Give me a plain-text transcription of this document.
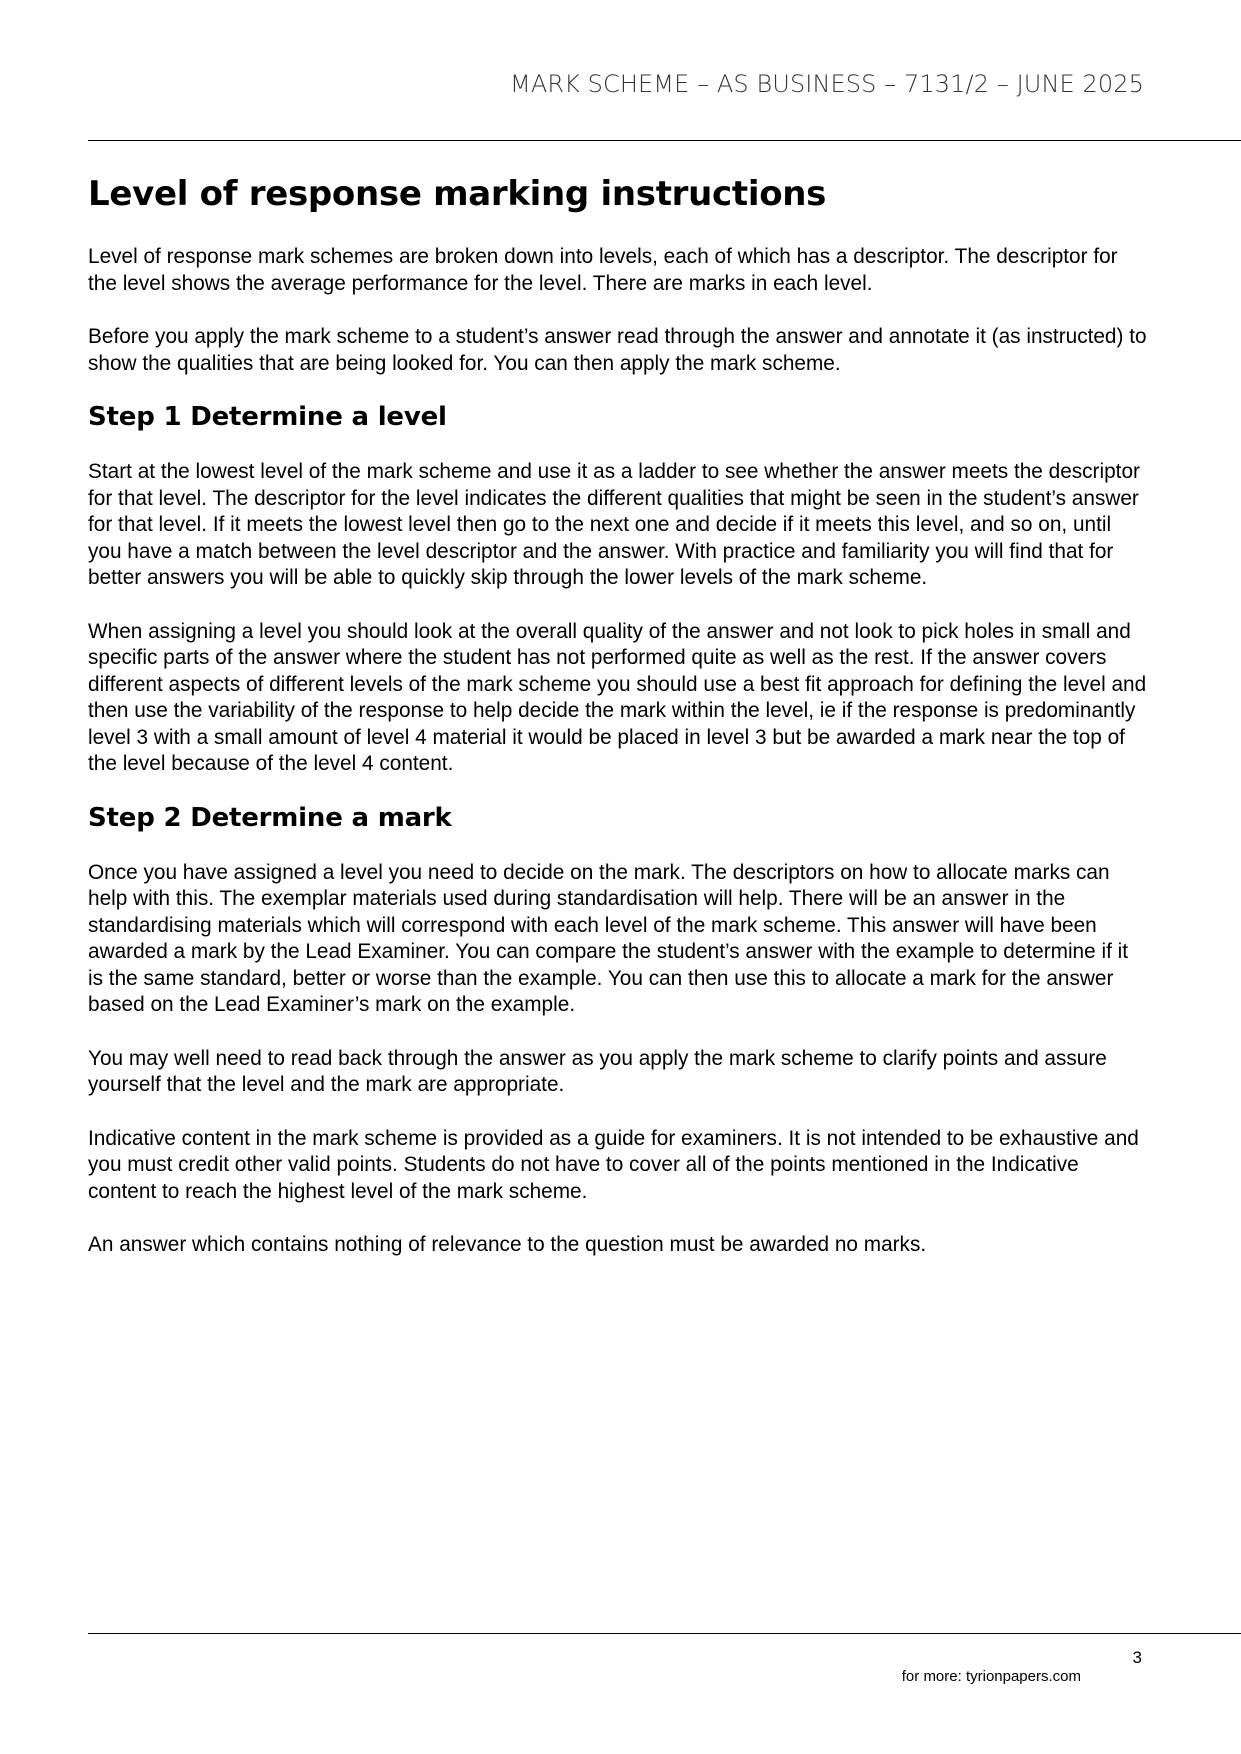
MARK SCHEME – AS BUSINESS – 7131/2 – JUNE 2025
Level of response marking instructions

Level of response mark schemes are broken down into levels, each of which has a descriptor. The descriptor for the level shows the average performance for the level. There are marks in each level.

Before you apply the mark scheme to a student’s answer read through the answer and annotate it (as instructed) to show the qualities that are being looked for. You can then apply the mark scheme.

Step 1 Determine a level

Start at the lowest level of the mark scheme and use it as a ladder to see whether the answer meets the descriptor for that level. The descriptor for the level indicates the different qualities that might be seen in the student’s answer for that level. If it meets the lowest level then go to the next one and decide if it meets this level, and so on, until you have a match between the level descriptor and the answer. With practice and familiarity you will find that for better answers you will be able to quickly skip through the lower levels of the mark scheme.

When assigning a level you should look at the overall quality of the answer and not look to pick holes in small and specific parts of the answer where the student has not performed quite as well as the rest. If the answer covers different aspects of different levels of the mark scheme you should use a best fit approach for defining the level and then use the variability of the response to help decide the mark within the level, ie if the response is predominantly level 3 with a small amount of level 4 material it would be placed in level 3 but be awarded a mark near the top of the level because of the level 4 content.

Step 2 Determine a mark

Once you have assigned a level you need to decide on the mark. The descriptors on how to allocate marks can help with this. The exemplar materials used during standardisation will help. There will be an answer in the standardising materials which will correspond with each level of the mark scheme. This answer will have been awarded a mark by the Lead Examiner. You can compare the student’s answer with the example to determine if it is the same standard, better or worse than the example. You can then use this to allocate a mark for the answer based on the Lead Examiner’s mark on the example.

You may well need to read back through the answer as you apply the mark scheme to clarify points and assure yourself that the level and the mark are appropriate.

Indicative content in the mark scheme is provided as a guide for examiners. It is not intended to be exhaustive and you must credit other valid points. Students do not have to cover all of the points mentioned in the Indicative content to reach the highest level of the mark scheme.

An answer which contains nothing of relevance to the question must be awarded no marks.

3
for more: tyrionpapers.com
